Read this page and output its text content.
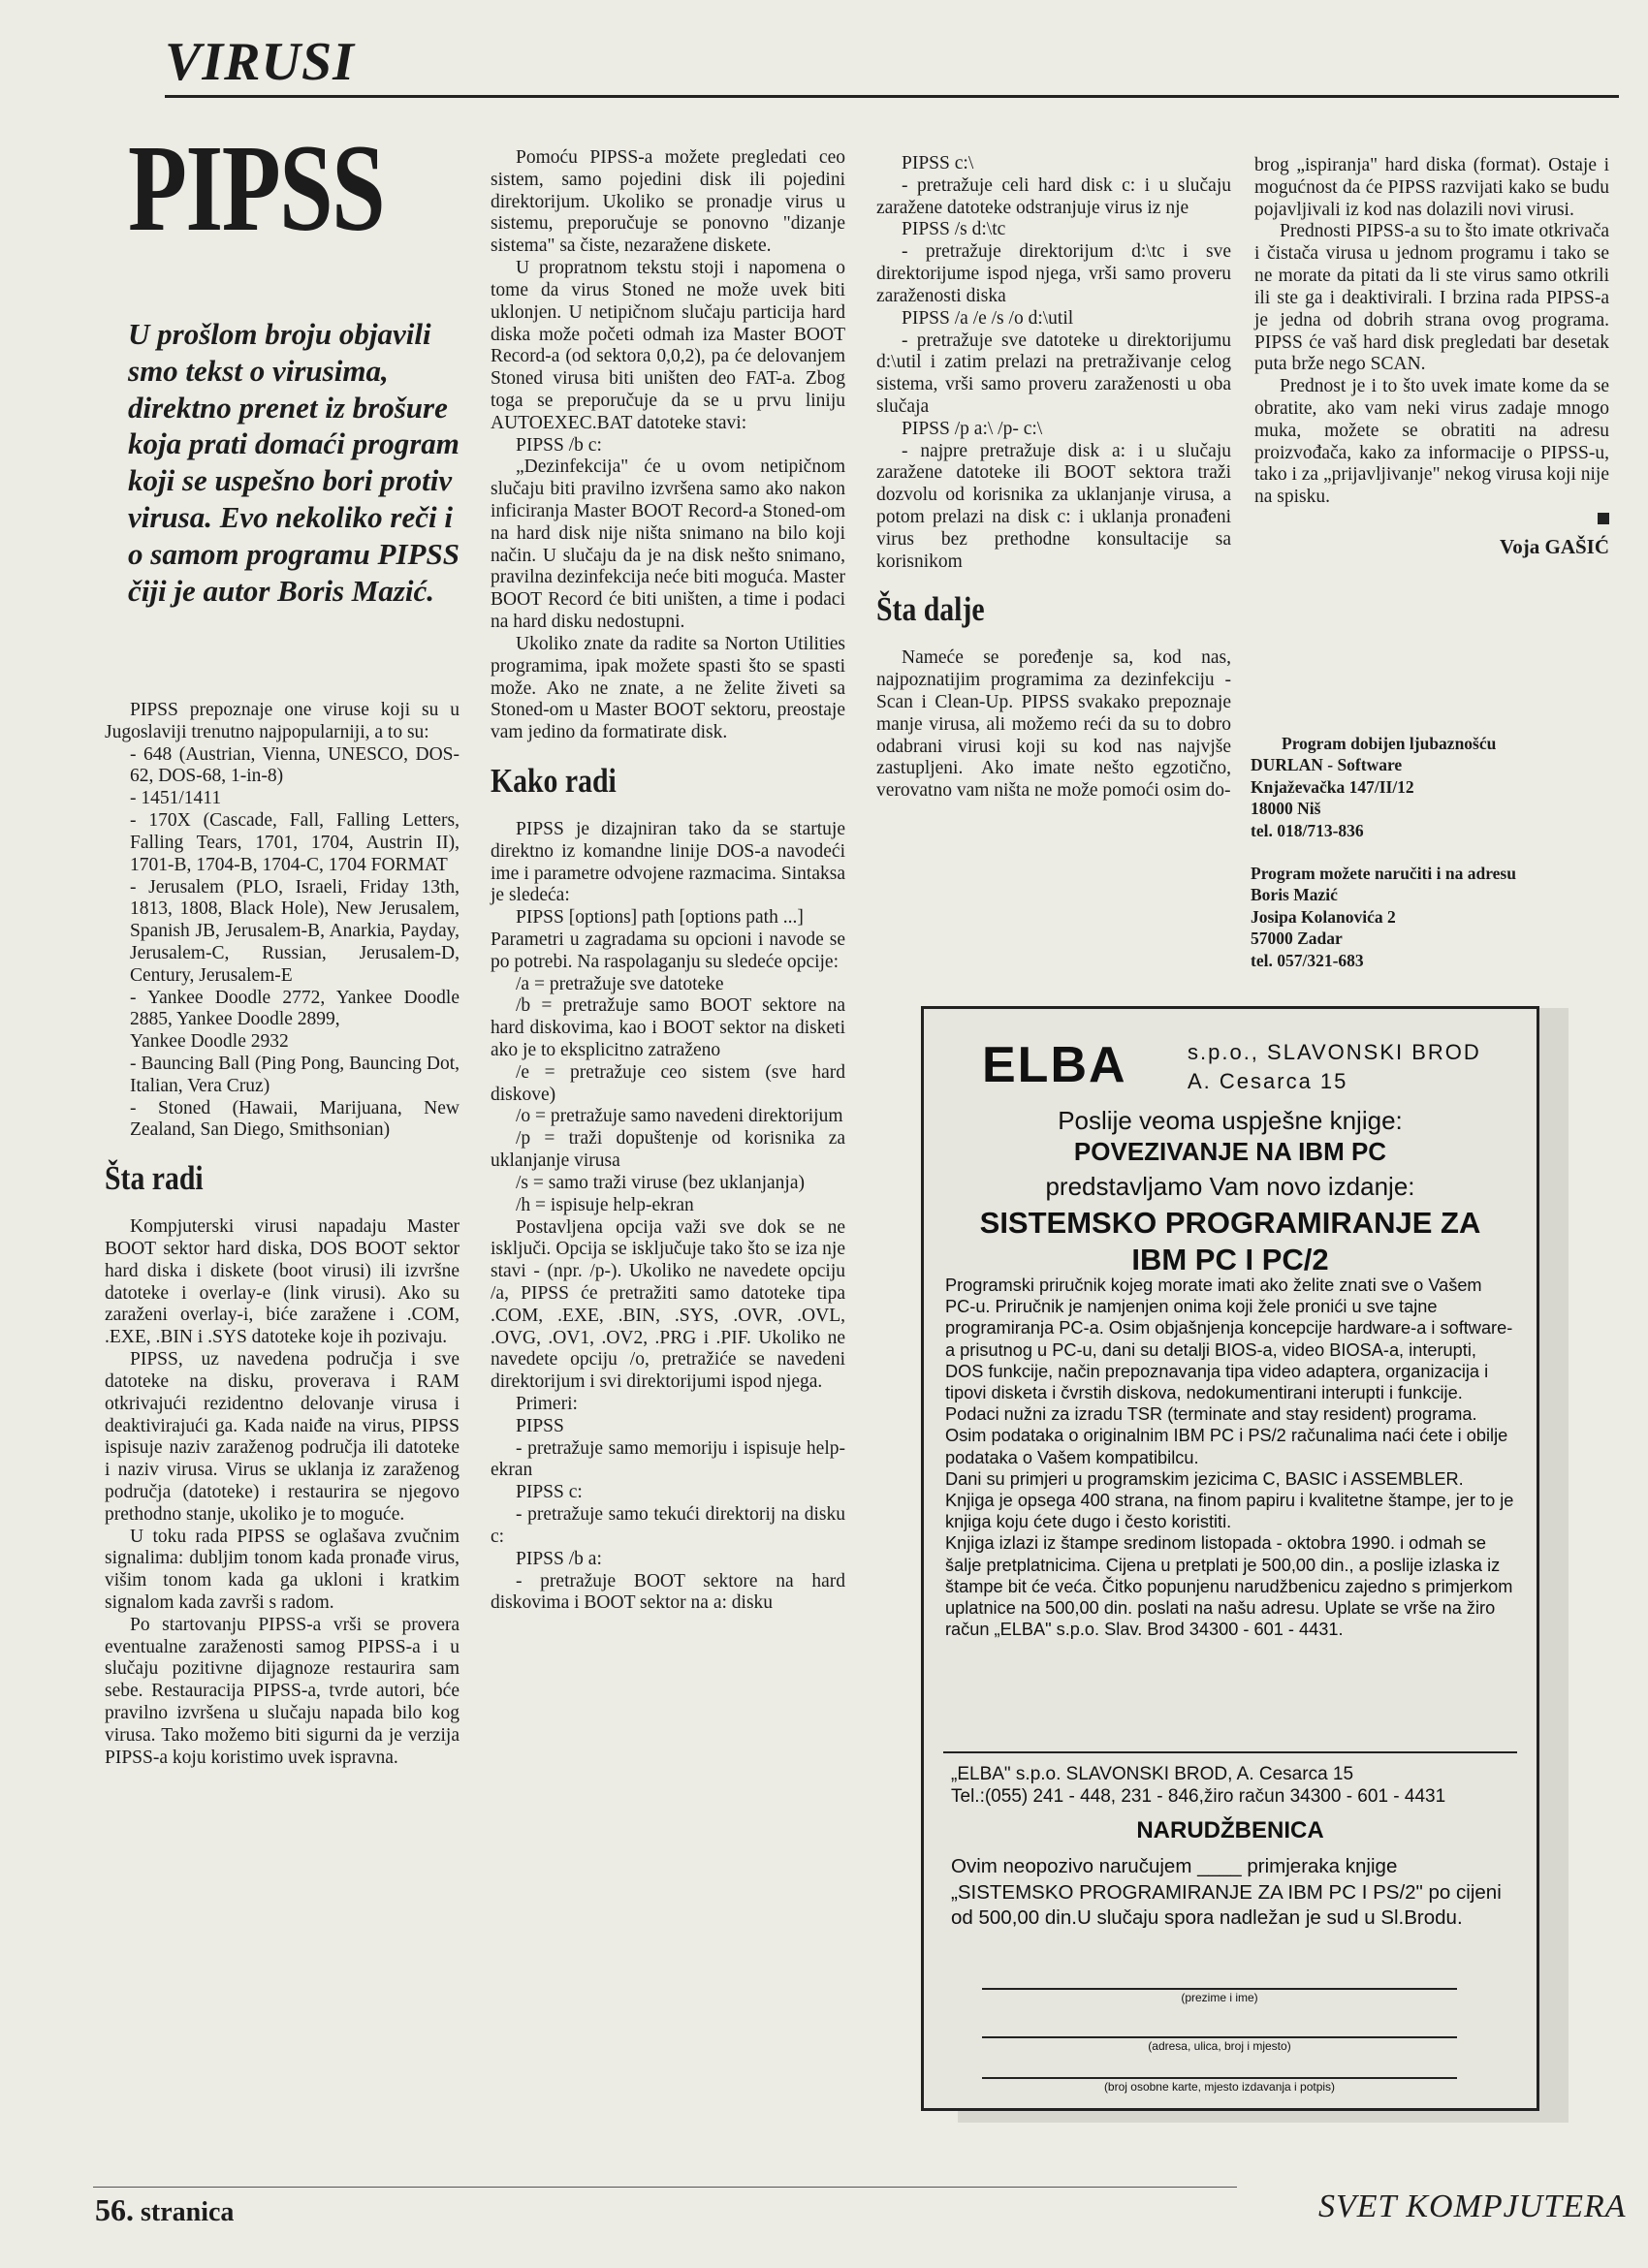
VIRUSI
PIPSS
U prošlom broju objavili smo tekst o virusima, direktno prenet iz brošure koja prati domaći program koji se uspešno bori protiv virusa. Evo nekoliko reči i o samom programu PIPSS čiji je autor Boris Mazić.

PIPSS prepoznaje one viruse koji su u Jugoslaviji trenutno najpopularniji, a to su:

- 648 (Austrian, Vienna, UNESCO, DOS-62, DOS-68, 1-in-8)

- 1451/1411

- 170X (Cascade, Fall, Falling Letters, Falling Tears, 1701, 1704, Austrin II), 1701-B, 1704-B, 1704-C, 1704 FORMAT

- Jerusalem (PLO, Israeli, Friday 13th, 1813, 1808, Black Hole), New Jerusalem, Spanish JB, Jerusalem-B, Anarkia, Payday, Jerusalem-C, Russian, Jerusalem-D, Century, Jerusalem-E

- Yankee Doodle 2772, Yankee Doodle 2885, Yankee Doodle 2899,

Yankee Doodle 2932

- Bauncing Ball (Ping Pong, Bauncing Dot, Italian, Vera Cruz)

- Stoned (Hawaii, Marijuana, New Zealand, San Diego, Smithsonian)

Šta radi

Kompjuterski virusi napadaju Master BOOT sektor hard diska, DOS BOOT sektor hard diska i diskete (boot virusi) ili izvršne datoteke i overlay-e (link virusi). Ako su zaraženi overlay-i, biće zaražene i .COM, .EXE, .BIN i .SYS datoteke koje ih pozivaju.

PIPSS, uz navedena područja i sve datoteke na disku, proverava i RAM otkrivajući rezidentno delovanje virusa i deaktivirajući ga. Kada naiđe na virus, PIPSS ispisuje naziv zaraženog područja ili datoteke i naziv virusa. Virus se uklanja iz zaraženog područja (datoteke) i restaurira se njegovo prethodno stanje, ukoliko je to moguće.

U toku rada PIPSS se oglašava zvučnim signalima: dubljim tonom kada pronađe virus, višim tonom kada ga ukloni i kratkim signalom kada završi s radom.

Po startovanju PIPSS-a vrši se provera eventualne zaraženosti samog PIPSS-a i u slučaju pozitivne dijagnoze restaurira sam sebe. Restauracija PIPSS-a, tvrde autori, bće pravilno izvršena u slučaju napada bilo kog virusa. Tako možemo biti sigurni da je verzija PIPSS-a koju koristimo uvek ispravna.

Pomoću PIPSS-a možete pregledati ceo sistem, samo pojedini disk ili pojedini direktorijum. Ukoliko se pronadje virus u sistemu, preporučuje se ponovno "dizanje sistema" sa čiste, nezaražene diskete.

U propratnom tekstu stoji i napomena o tome da virus Stoned ne može uvek biti uklonjen. U netipičnom slučaju particija hard diska može početi odmah iza Master BOOT Record-a (od sektora 0,0,2), pa će delovanjem Stoned virusa biti uništen deo FAT-a. Zbog toga se preporučuje da se u prvu liniju AUTOEXEC.BAT datoteke stavi:

PIPSS /b c:

„Dezinfekcija" će u ovom netipičnom slučaju biti pravilno izvršena samo ako nakon inficiranja Master BOOT Record-a Stoned-om na hard disk nije ništa snimano na bilo koji način. U slučaju da je na disk nešto snimano, pravilna dezinfekcija neće biti moguća. Master BOOT Record će biti uništen, a time i podaci na hard disku nedostupni.

Ukoliko znate da radite sa Norton Utilities programima, ipak možete spasti što se spasti može. Ako ne znate, a ne želite živeti sa Stoned-om u Master BOOT sektoru, preostaje vam jedino da formatirate disk.

Kako radi

PIPSS je dizajniran tako da se startuje direktno iz komandne linije DOS-a navodeći ime i parametre odvojene razmacima. Sintaksa je sledeća:

PIPSS [options] path [options path ...]

Parametri u zagradama su opcioni i navode se po potrebi. Na raspolaganju su sledeće opcije:

/a = pretražuje sve datoteke

/b = pretražuje samo BOOT sektore na hard diskovima, kao i BOOT sektor na disketi ako je to eksplicitno zatraženo

/e = pretražuje ceo sistem (sve hard diskove)

/o = pretražuje samo navedeni direktorijum

/p = traži dopuštenje od korisnika za uklanjanje virusa

/s = samo traži viruse (bez uklanjanja)

/h = ispisuje help-ekran

Postavljena opcija važi sve dok se ne isključi. Opcija se isključuje tako što se iza nje stavi - (npr. /p-). Ukoliko ne navedete opciju /a, PIPSS će pretražiti samo datoteke tipa .COM, .EXE, .BIN, .SYS, .OVR, .OVL, .OVG, .OV1, .OV2, .PRG i .PIF. Ukoliko ne navedete opciju /o, pretražiće se navedeni direktorijum i svi direktorijumi ispod njega.

Primeri:

PIPSS

- pretražuje samo memoriju i ispisuje help-ekran

PIPSS c:

- pretražuje samo tekući direktorij na disku c:

PIPSS /b a:

- pretražuje BOOT sektore na hard diskovima i BOOT sektor na a: disku

PIPSS c:\

- pretražuje celi hard disk c: i u slučaju zaražene datoteke odstranjuje virus iz nje

PIPSS /s d:\tc

- pretražuje direktorijum d:\tc i sve direktorijume ispod njega, vrši samo proveru zaraženosti diska

PIPSS /a /e /s /o d:\util

- pretražuje sve datoteke u direktorijumu d:\util i zatim prelazi na pretraživanje celog sistema, vrši samo proveru zaraženosti u oba slučaja

PIPSS /p a:\ /p- c:\

- najpre pretražuje disk a: i u slučaju zaražene datoteke ili BOOT sektora traži dozvolu od korisnika za uklanjanje virusa, a potom prelazi na disk c: i uklanja pronađeni virus bez prethodne konsultacije sa korisnikom

Šta dalje

Nameće se poređenje sa, kod nas, najpoznatijim programima za dezinfekciju - Scan i Clean-Up. PIPSS svakako prepoznaje manje virusa, ali možemo reći da su to dobro odabrani virusi koji su kod nas najvjše zastupljeni. Ako imate nešto egzotično, verovatno vam ništa ne može pomoći osim do-

brog „ispiranja" hard diska (format). Ostaje i mogućnost da će PIPSS razvijati kako se budu pojavljivali iz kod nas dolazili novi virusi.

Prednosti PIPSS-a su to što imate otkrivača i čistača virusa u jednom programu i tako se ne morate da pitati da li ste virus samo otkrili ili ste ga i deaktivirali. I brzina rada PIPSS-a je jedna od dobrih strana ovog programa. PIPSS će vaš hard disk pregledati bar desetak puta brže nego SCAN.

Prednost je i to što uvek imate kome da se obratite, ako vam neki virus zadaje mnogo muka, možete se obratiti na adresu proizvođača, kako za informacije o PIPSS-u, tako i za „prijavljivanje" nekog virusa koji nije na spisku.

Voja GAŠIĆ
Program dobijen ljubaznošću
DURLAN - Software
Knjaževačka 147/II/12
18000 Niš
tel. 018/713-836
Program možete naručiti i na adresu
Boris Mazić
Josipa Kolanovića 2
57000 Zadar
tel. 057/321-683
ELBA	s.p.o., SLAVONSKI BROD
A. Cesarca 15
Poslije veoma uspješne knjige:
POVEZIVANJE NA IBM PC
predstavljamo Vam novo izdanje:
SISTEMSKO PROGRAMIRANJE ZA
IBM PC I PC/2
Programski priručnik kojeg morate imati ako želite znati sve o Vašem PC-u. Priručnik je namjenjen onima koji žele pronići u sve tajne programiranja PC-a. Osim objašnjenja koncepcije hardware-a i software-a prisutnog u PC-u, dani su detalji BIOS-a, video BIOSA-a, interupti, DOS funkcije, način prepoznavanja tipa video adaptera, organizacija i tipovi disketa i čvrstih diskova, nedokumentirani interupti i funkcije. Podaci nužni za izradu TSR (terminate and stay resident) programa.
Osim podataka o originalnim IBM PC i PS/2 računalima naći ćete i obilje podataka o Vašem kompatibilcu.
Dani su primjeri u programskim jezicima C, BASIC i ASSEMBLER.
Knjiga je opsega 400 strana, na finom papiru i kvalitetne štampe, jer to je knjiga koju ćete dugo i često koristiti.
Knjiga izlazi iz štampe sredinom listopada - oktobra 1990. i odmah se šalje pretplatnicima. Cijena u pretplati je 500,00 din., a poslije izlaska iz štampe bit će veća. Čitko popunjenu narudžbenicu zajedno s primjerkom uplatnice na 500,00 din. poslati na našu adresu. Uplate se vrše na žiro račun „ELBA" s.p.o. Slav. Brod 34300 - 601 - 4431.
„ELBA" s.p.o. SLAVONSKI BROD, A. Cesarca 15
Tel.:(055) 241 - 448, 231 - 846,žiro račun 34300 - 601 - 4431
NARUDŽBENICA
Ovim neopozivo naručujem ____ primjeraka knjige „SISTEMSKO PROGRAMIRANJE ZA IBM PC I PS/2" po cijeni od 500,00 din.U slučaju spora nadležan je sud u Sl.Brodu.
(prezime i ime)
(adresa, ulica, broj i mjesto)
(broj osobne karte, mjesto izdavanja i potpis)
56. stranica	SVET KOMPJUTERA
